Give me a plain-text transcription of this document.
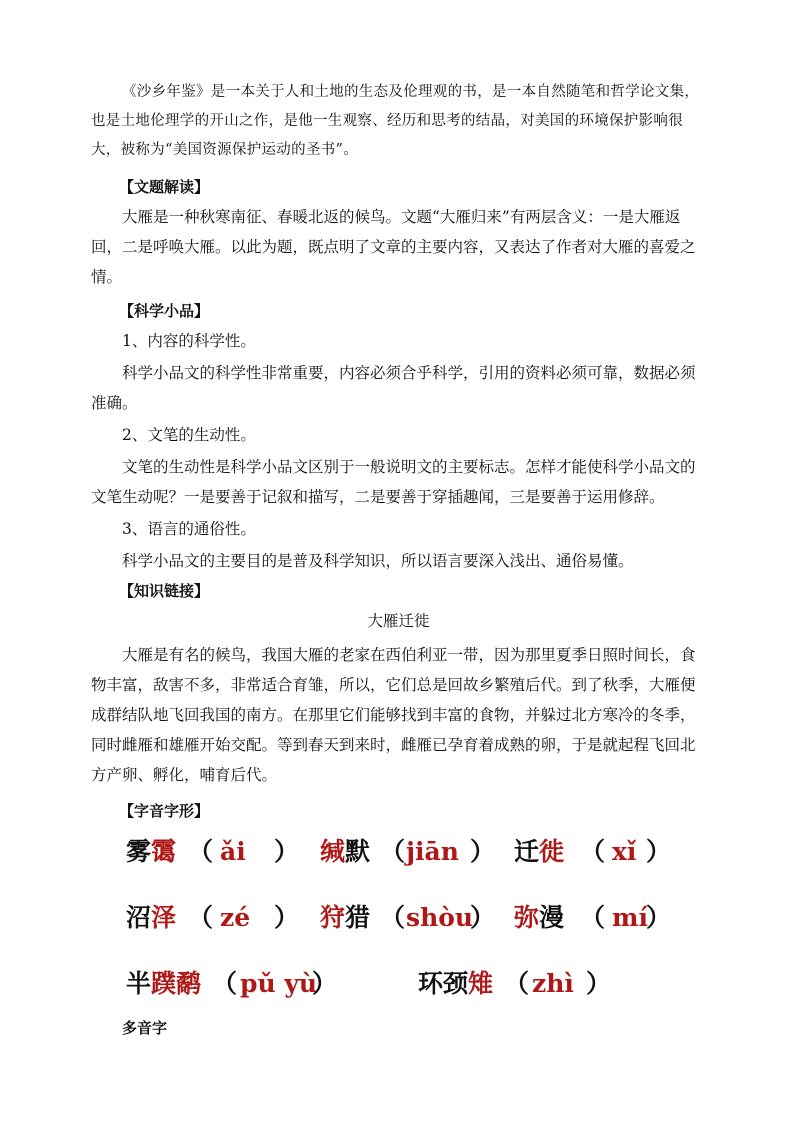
《沙乡年鉴》是一本关于人和土地的生态及伦理观的书，是一本自然随笔和哲学论文集，也是土地伦理学的开山之作，是他一生观察、经历和思考的结晶，对美国的环境保护影响很大，被称为“美国资源保护运动的圣书”。

【文题解读】

大雁是一种秋寒南征、春暖北返的候鸟。文题“大雁归来”有两层含义：一是大雁返回，二是呼唤大雁。以此为题，既点明了文章的主要内容，又表达了作者对大雁的喜爱之情。

【科学小品】

1、内容的科学性。

科学小品文的科学性非常重要，内容必须合乎科学，引用的资料必须可靠，数据必须准确。

2、文笔的生动性。

文笔的生动性是科学小品文区别于一般说明文的主要标志。怎样才能使科学小品文的文笔生动呢？一是要善于记叙和描写，二是要善于穿插趣闻，三是要善于运用修辞。

3、语言的通俗性。

科学小品文的主要目的是普及科学知识，所以语言要深入浅出、通俗易懂。

【知识链接】

大雁迁徙

大雁是有名的候鸟，我国大雁的老家在西伯利亚一带，因为那里夏季日照时间长，食物丰富，敌害不多，非常适合育雏，所以，它们总是回故乡繁殖后代。到了秋季，大雁便成群结队地飞回我国的南方。在那里它们能够找到丰富的食物，并躲过北方寒冷的冬季，同时雌雁和雄雁开始交配。等到春天到来时，雌雁已孕育着成熟的卵，于是就起程飞回北方产卵、孵化，哺育后代。

【字音字形】

雾霭 （ ǎi ） 缄默 （ jiān ） 迁徙 （ xǐ ）
沼泽 （ zé ） 狩猎 （ shòu
） 弥漫 （ mí
）
半蹼鹬 （ pǔ yù
）	环颈雉 （ zhì ）

多音字
